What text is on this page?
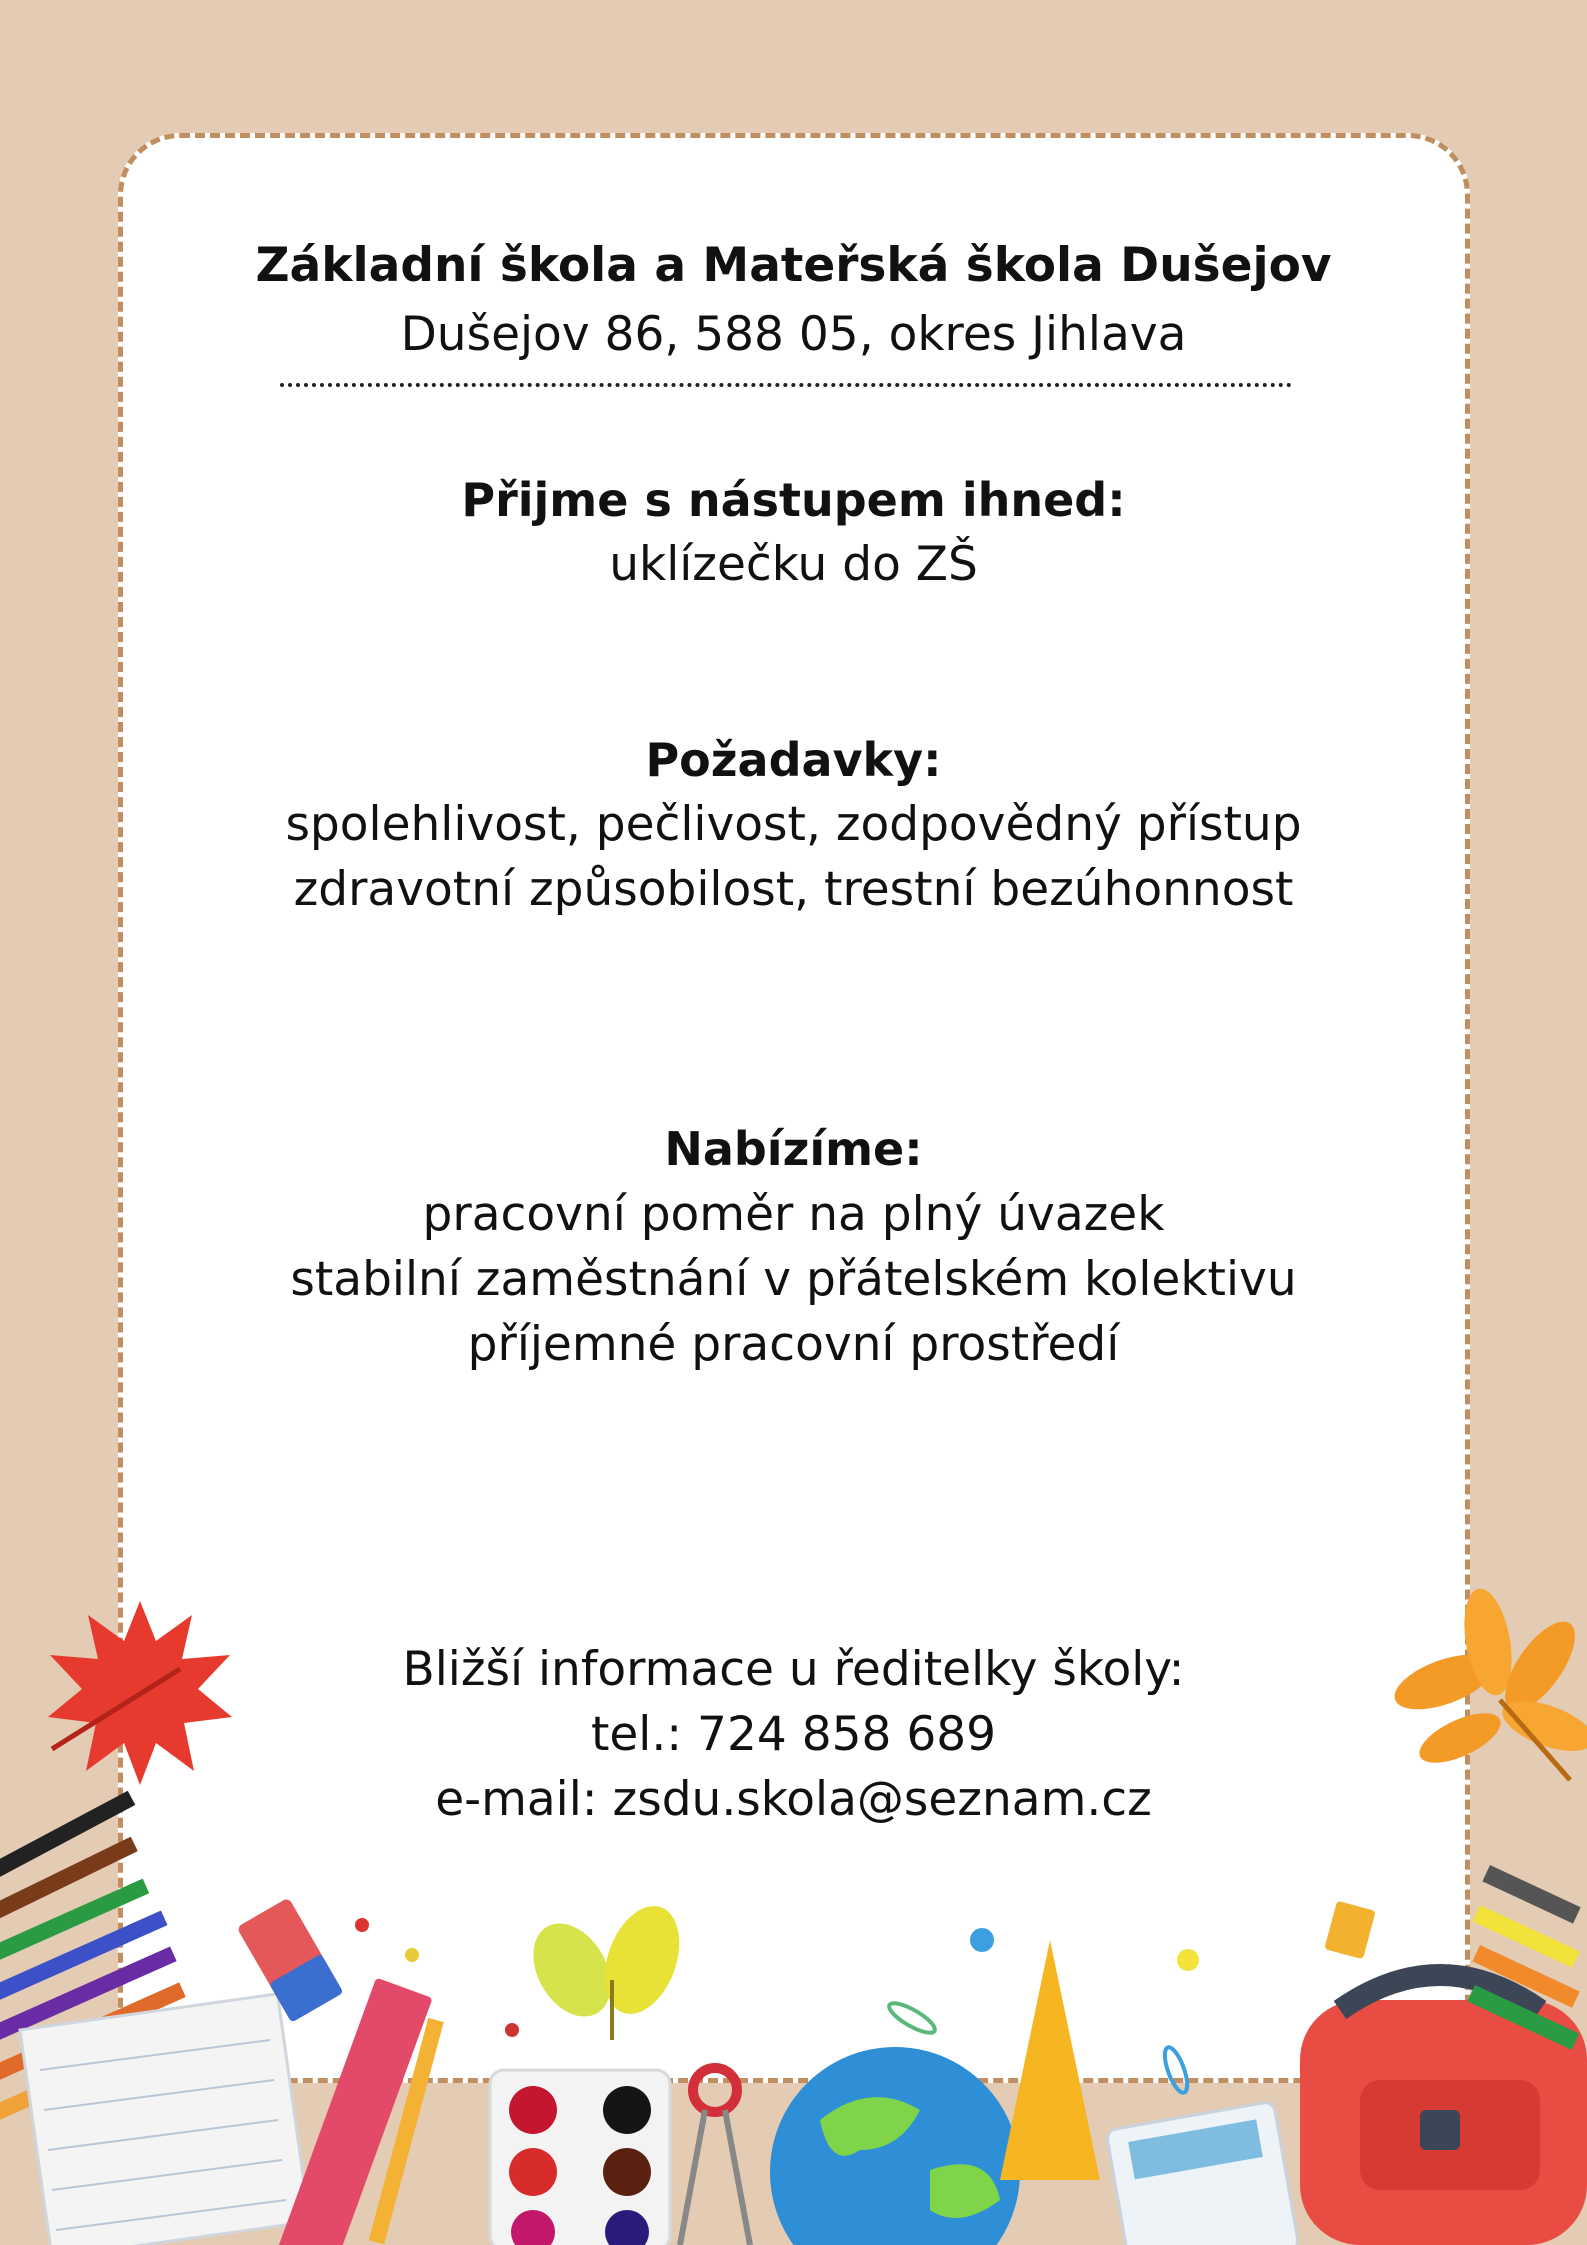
Základní škola a Mateřská škola Dušejov
Dušejov 86, 588 05, okres Jihlava
Přijme s nástupem ihned:
uklízečku do ZŠ
Požadavky:
spolehlivost, pečlivost, zodpovědný přístup
zdravotní způsobilost, trestní bezúhonnost
Nabízíme:
pracovní poměr na plný úvazek
stabilní zaměstnání v přátelském kolektivu
příjemné pracovní prostředí
Bližší informace u ředitelky školy:
tel.: 724 858 689
e-mail: zsdu.skola@seznam.cz
